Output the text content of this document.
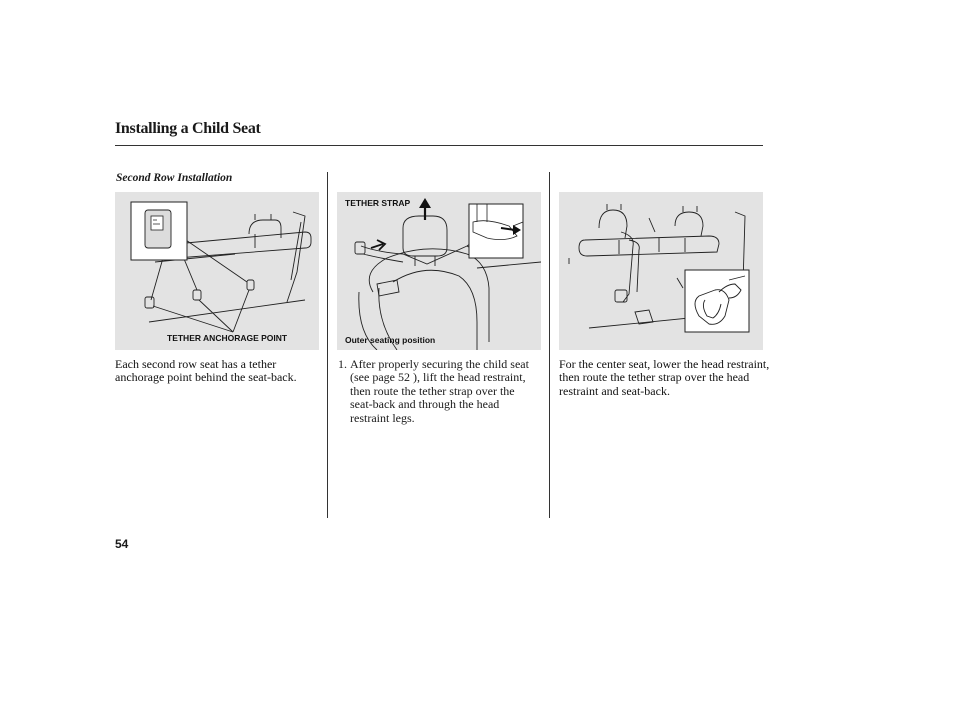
Installing a Child Seat
Second Row Installation
TETHER ANCHORAGE POINT
TETHER STRAP
Outer seating position
Each second row seat has a tether anchorage point behind the seat-back.
1. After properly securing the child seat (see page 52 ), lift the head restraint, then route the tether strap over the seat-back and through the head restraint legs.
For the center seat, lower the head restraint, then route the tether strap over the head restraint and seat-back.
54
